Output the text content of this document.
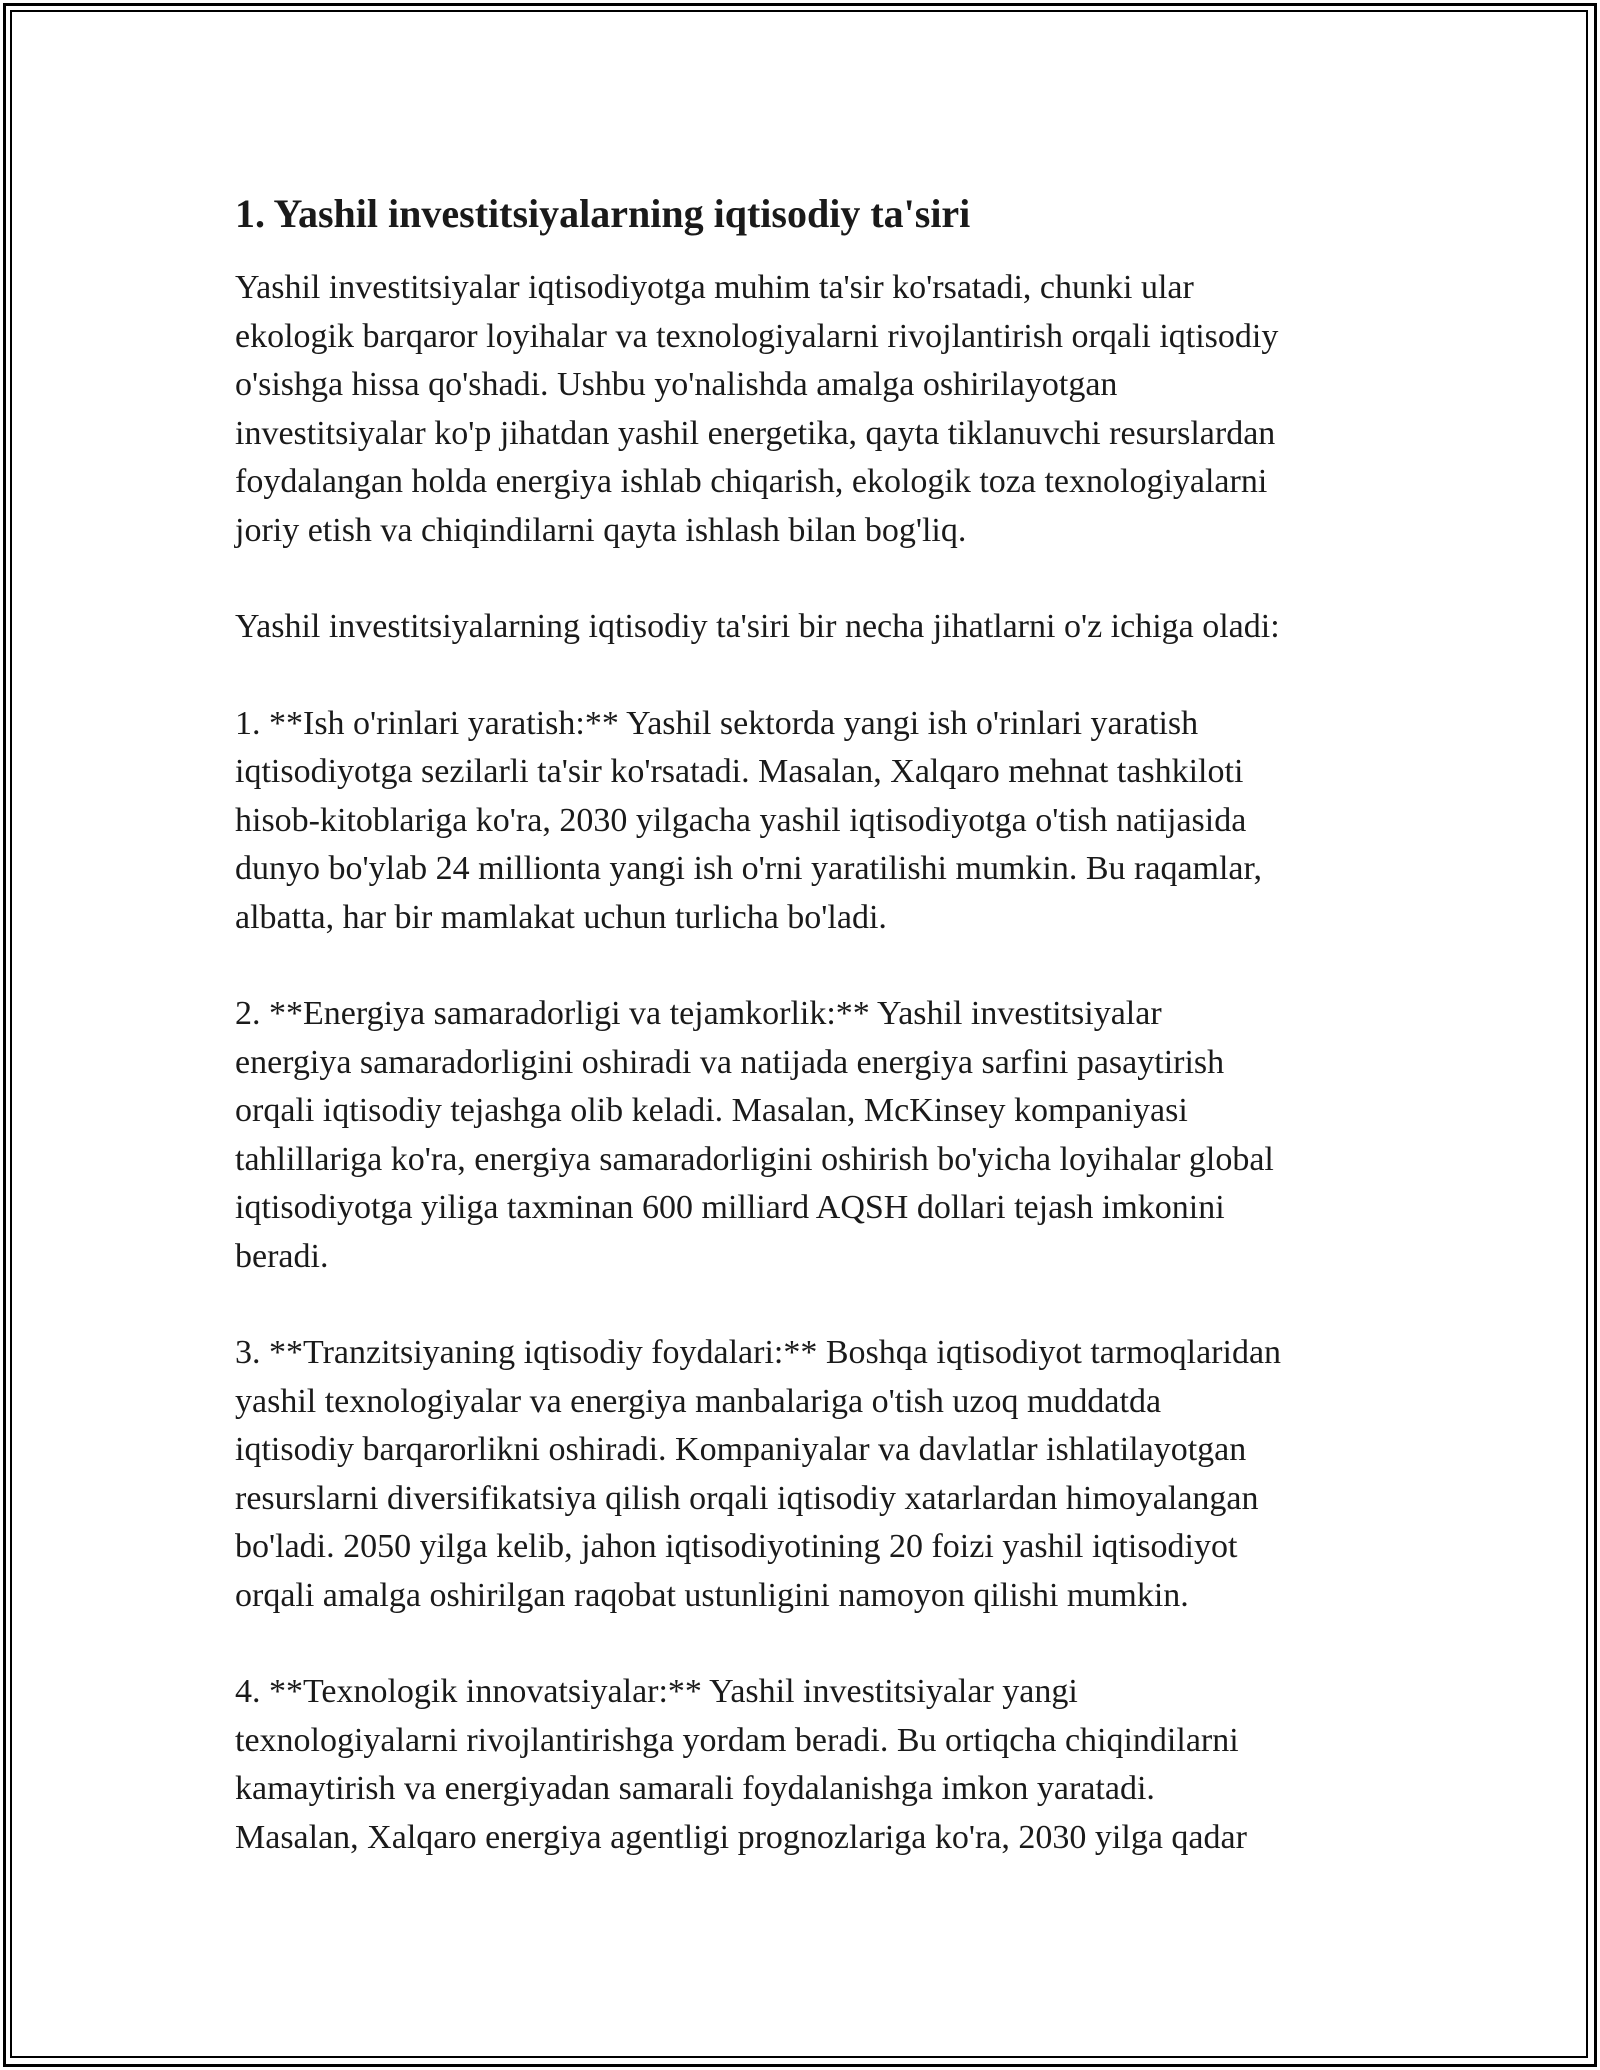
1. Yashil investitsiyalarning iqtisodiy ta'siri

Yashil investitsiyalar iqtisodiyotga muhim ta'sir ko'rsatadi, chunki ular
ekologik barqaror loyihalar va texnologiyalarni rivojlantirish orqali iqtisodiy
o'sishga hissa qo'shadi. Ushbu yo'nalishda amalga oshirilayotgan
investitsiyalar ko'p jihatdan yashil energetika, qayta tiklanuvchi resurslardan
foydalangan holda energiya ishlab chiqarish, ekologik toza texnologiyalarni
joriy etish va chiqindilarni qayta ishlash bilan bog'liq.

Yashil investitsiyalarning iqtisodiy ta'siri bir necha jihatlarni o'z ichiga oladi:

1. **Ish o'rinlari yaratish:** Yashil sektorda yangi ish o'rinlari yaratish
iqtisodiyotga sezilarli ta'sir ko'rsatadi. Masalan, Xalqaro mehnat tashkiloti
hisob-kitoblariga ko'ra, 2030 yilgacha yashil iqtisodiyotga o'tish natijasida
dunyo bo'ylab 24 millionta yangi ish o'rni yaratilishi mumkin. Bu raqamlar,
albatta, har bir mamlakat uchun turlicha bo'ladi.

2. **Energiya samaradorligi va tejamkorlik:** Yashil investitsiyalar
energiya samaradorligini oshiradi va natijada energiya sarfini pasaytirish
orqali iqtisodiy tejashga olib keladi. Masalan, McKinsey kompaniyasi
tahlillariga ko'ra, energiya samaradorligini oshirish bo'yicha loyihalar global
iqtisodiyotga yiliga taxminan 600 milliard AQSH dollari tejash imkonini
beradi.

3. **Tranzitsiyaning iqtisodiy foydalari:** Boshqa iqtisodiyot tarmoqlaridan
yashil texnologiyalar va energiya manbalariga o'tish uzoq muddatda
iqtisodiy barqarorlikni oshiradi. Kompaniyalar va davlatlar ishlatilayotgan
resurslarni diversifikatsiya qilish orqali iqtisodiy xatarlardan himoyalangan
bo'ladi. 2050 yilga kelib, jahon iqtisodiyotining 20 foizi yashil iqtisodiyot
orqali amalga oshirilgan raqobat ustunligini namoyon qilishi mumkin.

4. **Texnologik innovatsiyalar:** Yashil investitsiyalar yangi
texnologiyalarni rivojlantirishga yordam beradi. Bu ortiqcha chiqindilarni
kamaytirish va energiyadan samarali foydalanishga imkon yaratadi.
Masalan, Xalqaro energiya agentligi prognozlariga ko'ra, 2030 yilga qadar
